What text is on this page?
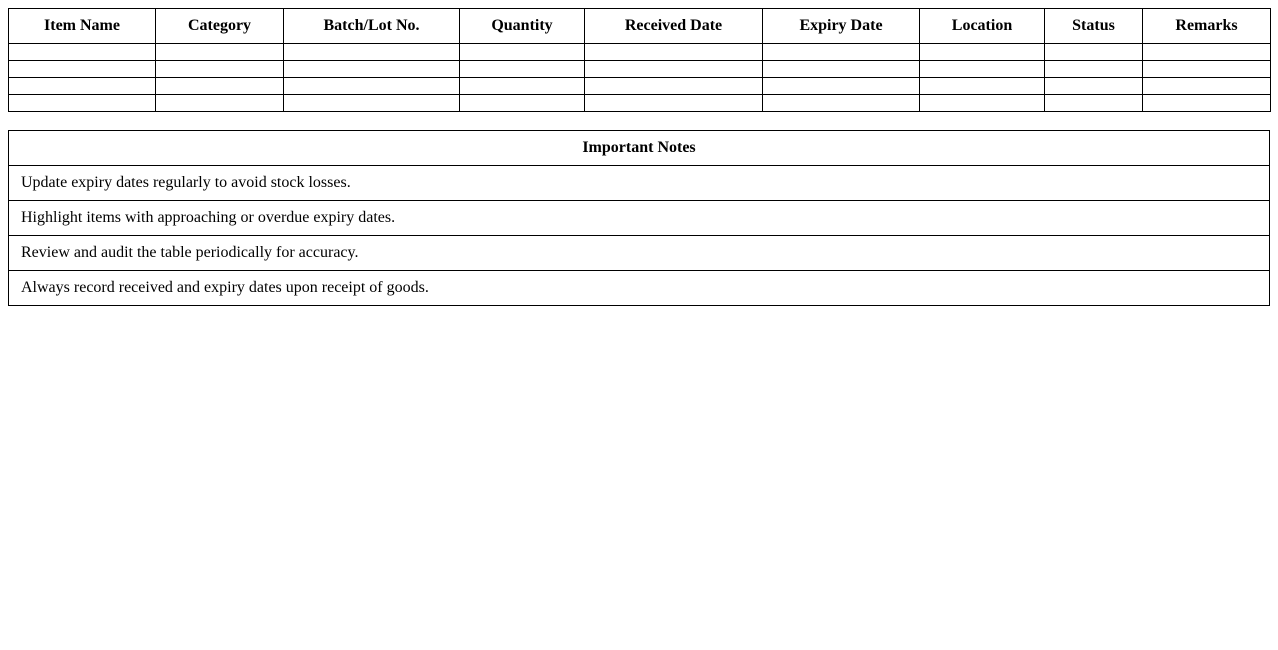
Item Name	Category	Batch/Lot No.	Quantity	Received Date	Expiry Date	Location	Status	Remarks

Important Notes
Update expiry dates regularly to avoid stock losses.
Highlight items with approaching or overdue expiry dates.
Review and audit the table periodically for accuracy.
Always record received and expiry dates upon receipt of goods.
